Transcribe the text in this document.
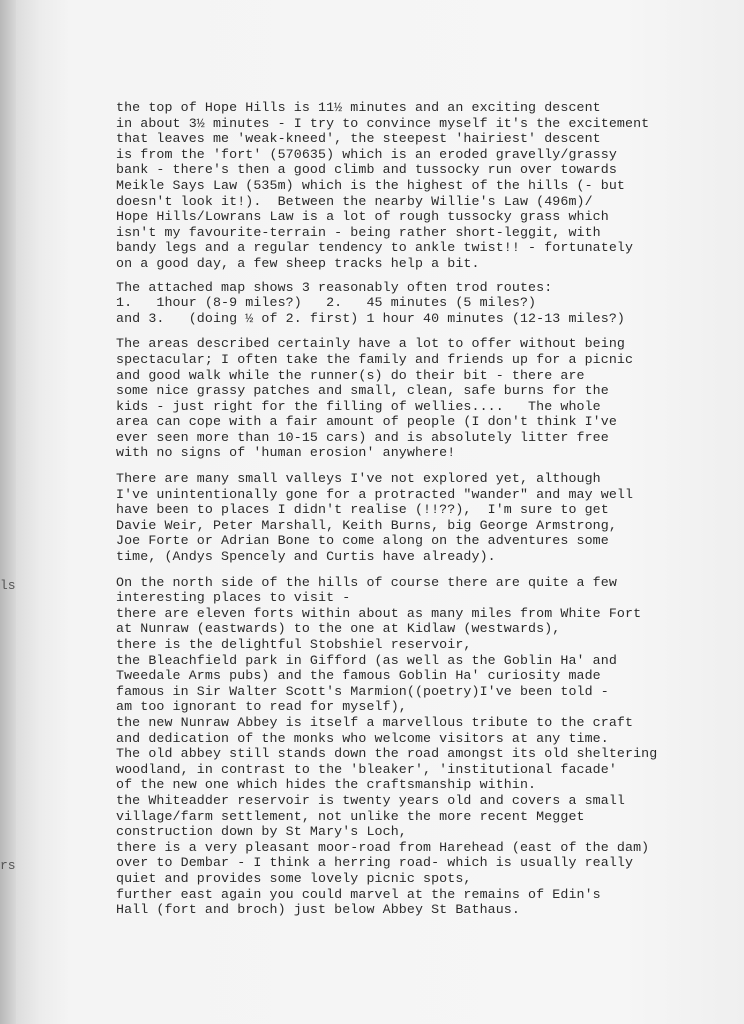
ls
rs

the top of Hope Hills is 11½ minutes and an exciting descent
in about 3½ minutes - I try to convince myself it's the excitement
that leaves me 'weak-kneed', the steepest 'hairiest' descent
is from the 'fort' (570635) which is an eroded gravelly/grassy
bank - there's then a good climb and tussocky run over towards
Meikle Says Law (535m) which is the highest of the hills (- but
doesn't look it!).  Between the nearby Willie's Law (496m)/
Hope Hills/Lowrans Law is a lot of rough tussocky grass which
isn't my favourite-terrain - being rather short-leggit, with
bandy legs and a regular tendency to ankle twist!! - fortunately
on a good day, a few sheep tracks help a bit.

The attached map shows 3 reasonably often trod routes:
1.   1hour (8-9 miles?)   2.   45 minutes (5 miles?)
and 3.   (doing ½ of 2. first) 1 hour 40 minutes (12-13 miles?)

The areas described certainly have a lot to offer without being
spectacular; I often take the family and friends up for a picnic
and good walk while the runner(s) do their bit - there are
some nice grassy patches and small, clean, safe burns for the
kids - just right for the filling of wellies....   The whole
area can cope with a fair amount of people (I don't think I've
ever seen more than 10-15 cars) and is absolutely litter free
with no signs of 'human erosion' anywhere!

There are many small valleys I've not explored yet, although
I've unintentionally gone for a protracted "wander" and may well
have been to places I didn't realise (!!??),  I'm sure to get
Davie Weir, Peter Marshall, Keith Burns, big George Armstrong,
Joe Forte or Adrian Bone to come along on the adventures some
time, (Andys Spencely and Curtis have already).

On the north side of the hills of course there are quite a few
interesting places to visit -
there are eleven forts within about as many miles from White Fort
at Nunraw (eastwards) to the one at Kidlaw (westwards),
there is the delightful Stobshiel reservoir,
the Bleachfield park in Gifford (as well as the Goblin Ha' and
Tweedale Arms pubs) and the famous Goblin Ha' curiosity made
famous in Sir Walter Scott's Marmion((poetry)I've been told -
am too ignorant to read for myself),
the new Nunraw Abbey is itself a marvellous tribute to the craft
and dedication of the monks who welcome visitors at any time.
The old abbey still stands down the road amongst its old sheltering
woodland, in contrast to the 'bleaker', 'institutional facade'
of the new one which hides the craftsmanship within.
the Whiteadder reservoir is twenty years old and covers a small
village/farm settlement, not unlike the more recent Megget
construction down by St Mary's Loch,
there is a very pleasant moor-road from Harehead (east of the dam)
over to Dembar - I think a herring road- which is usually really
quiet and provides some lovely picnic spots,
further east again you could marvel at the remains of Edin's
Hall (fort and broch) just below Abbey St Bathaus.
